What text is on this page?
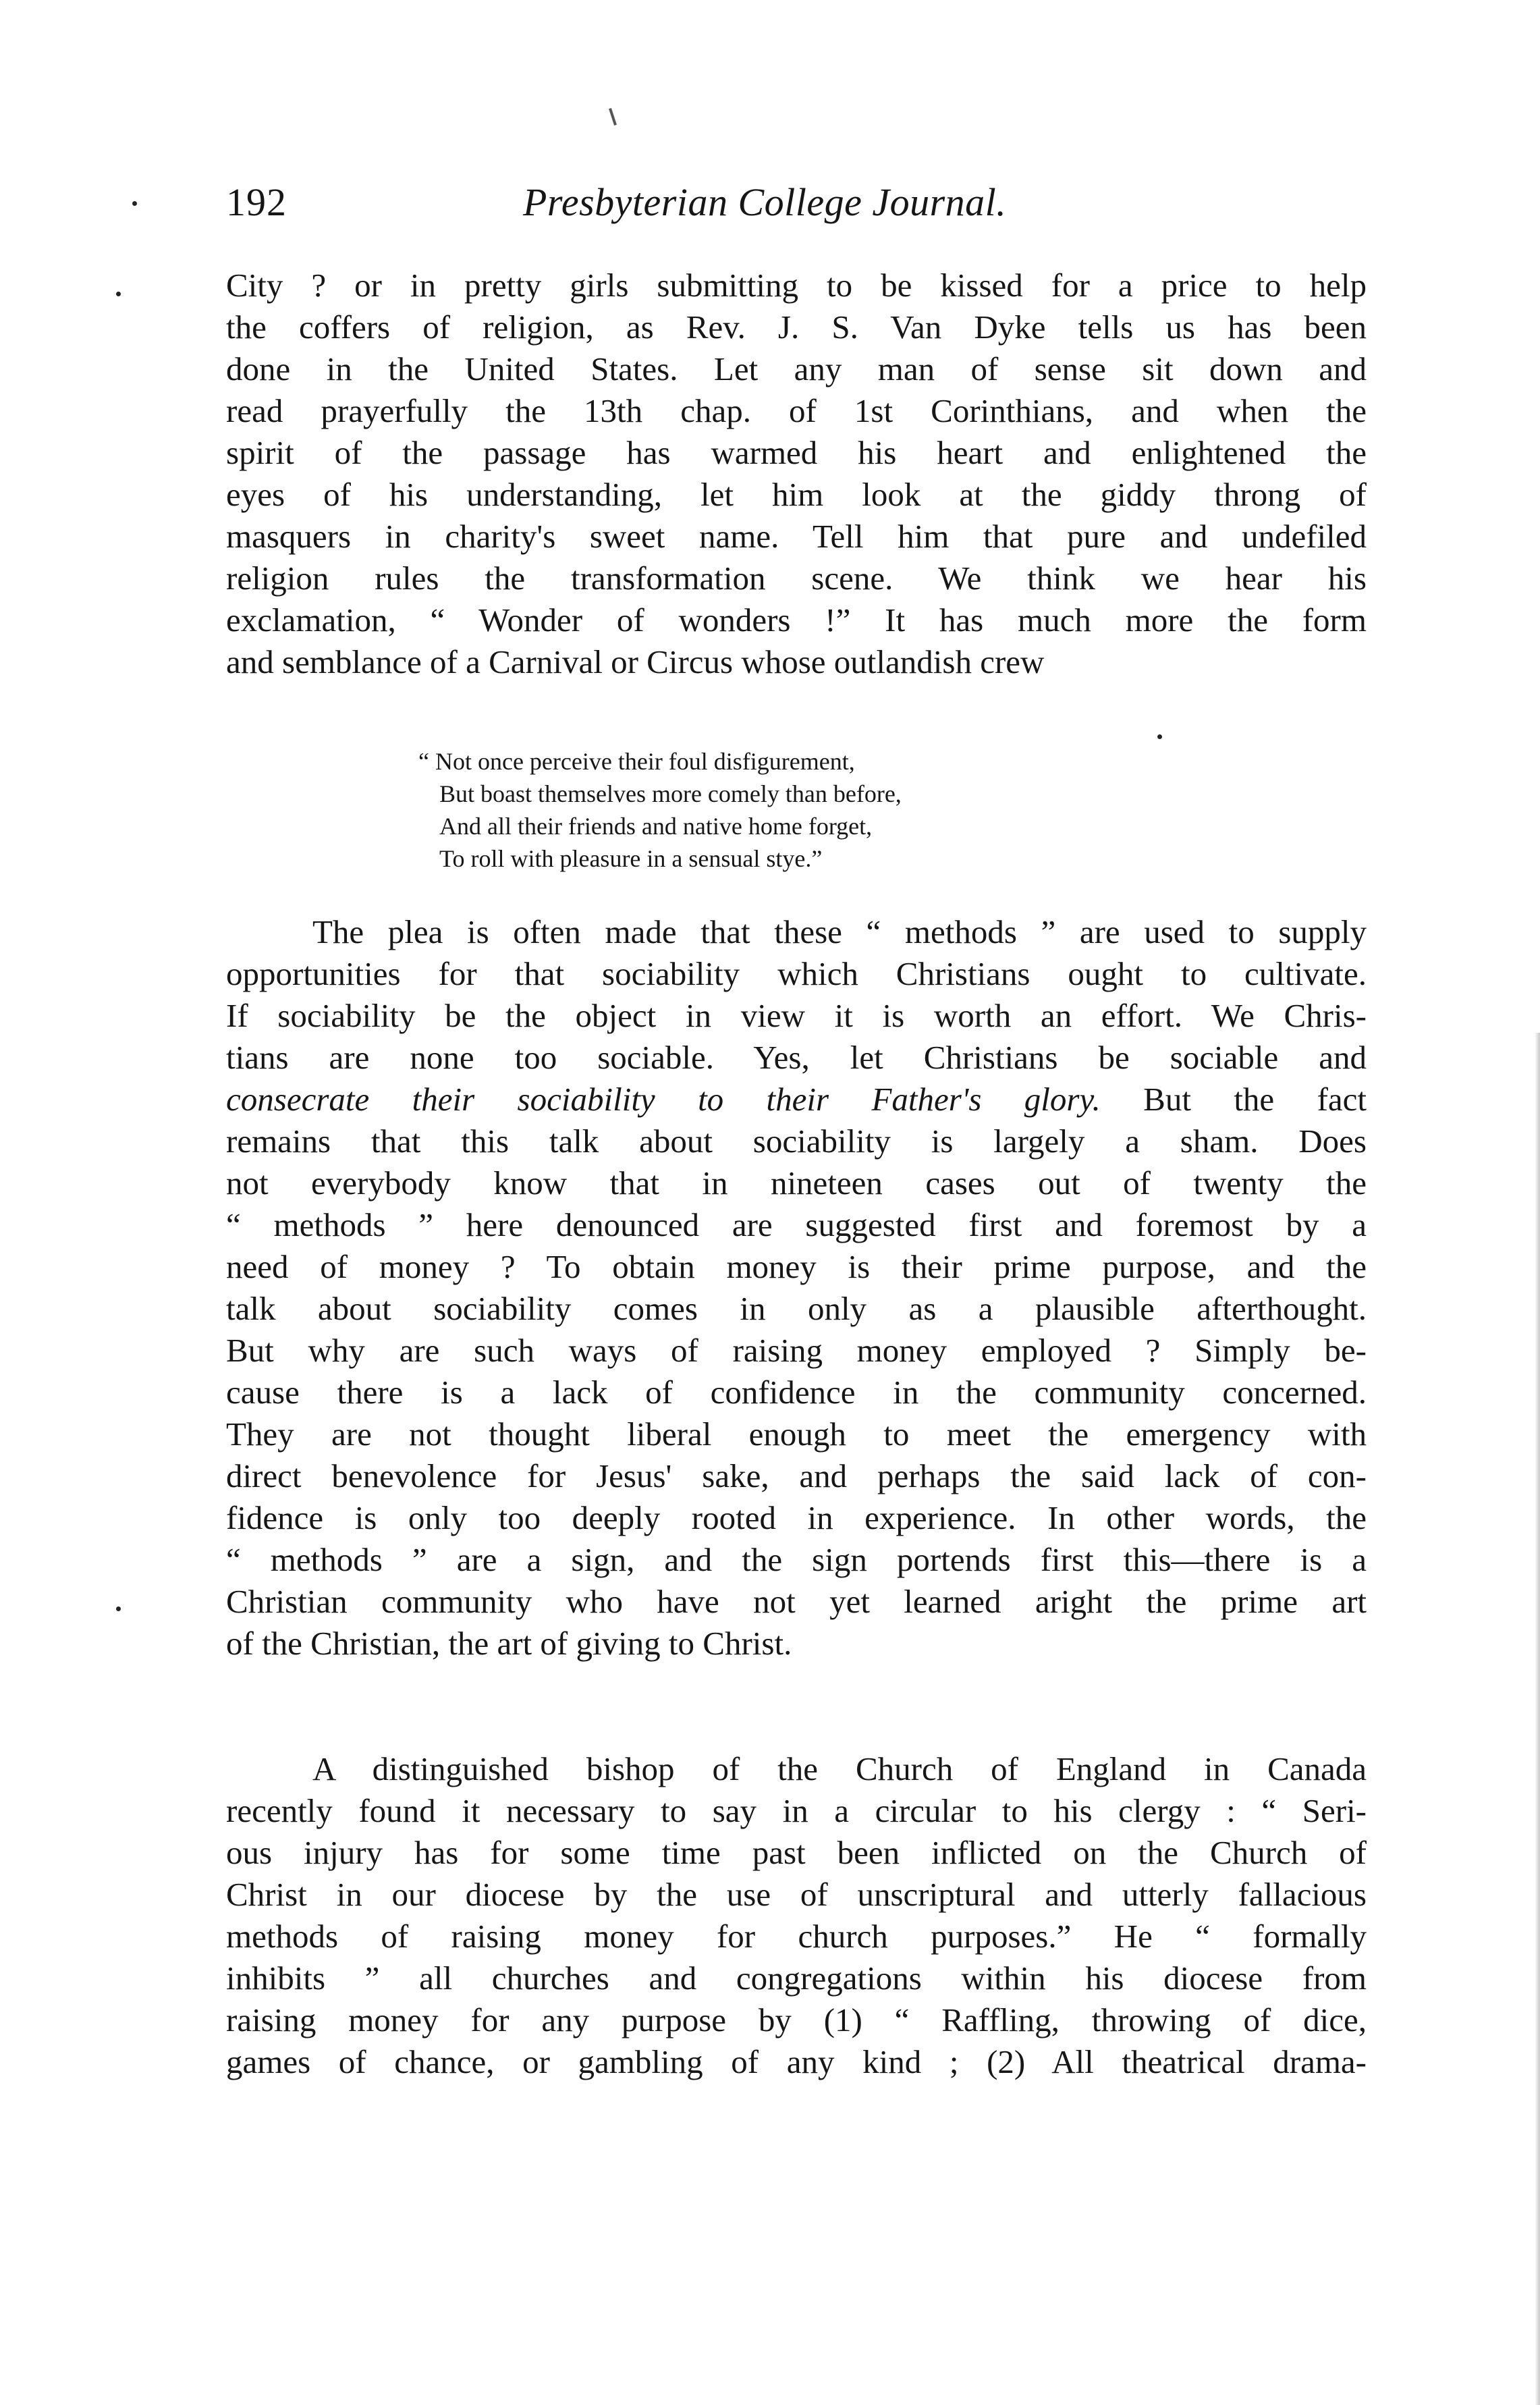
192	Presbyterian College Journal.
City ? or in pretty girls submitting to be kissed for a price to help
the coffers of religion, as Rev. J. S. Van Dyke tells us has been
done in the United States. Let any man of sense sit down and
read prayerfully the 13th chap. of 1st Corinthians, and when the
spirit of the passage has warmed his heart and enlightened the
eyes of his understanding, let him look at the giddy throng of
masquers in charity's sweet name. Tell him that pure and undefiled
religion rules the transformation scene. We think we hear his
exclamation, “ Wonder of wonders !” It has much more the form
and semblance of a Carnival or Circus whose outlandish crew
“ Not once perceive their foul disfigurement,
But boast themselves more comely than before,
And all their friends and native home forget,
To roll with pleasure in a sensual stye.”
The plea is often made that these “ methods ” are used to supply
opportunities for that sociability which Christians ought to cultivate.
If sociability be the object in view it is worth an effort. We Chris-
tians are none too sociable. Yes, let Christians be sociable and
consecrate their sociability to their Father's glory. But the fact
remains that this talk about sociability is largely a sham. Does
not everybody know that in nineteen cases out of twenty the
“ methods ” here denounced are suggested first and foremost by a
need of money ? To obtain money is their prime purpose, and the
talk about sociability comes in only as a plausible afterthought.
But why are such ways of raising money employed ? Simply be-
cause there is a lack of confidence in the community concerned.
They are not thought liberal enough to meet the emergency with
direct benevolence for Jesus' sake, and perhaps the said lack of con-
fidence is only too deeply rooted in experience. In other words, the
“ methods ” are a sign, and the sign portends first this—there is a
Christian community who have not yet learned aright the prime art
of the Christian, the art of giving to Christ.
A distinguished bishop of the Church of England in Canada
recently found it necessary to say in a circular to his clergy : “ Seri-
ous injury has for some time past been inflicted on the Church of
Christ in our diocese by the use of unscriptural and utterly fallacious
methods of raising money for church purposes.” He “ formally
inhibits ” all churches and congregations within his diocese from
raising money for any purpose by (1) “ Raffling, throwing of dice,
games of chance, or gambling of any kind ; (2) All theatrical drama-
